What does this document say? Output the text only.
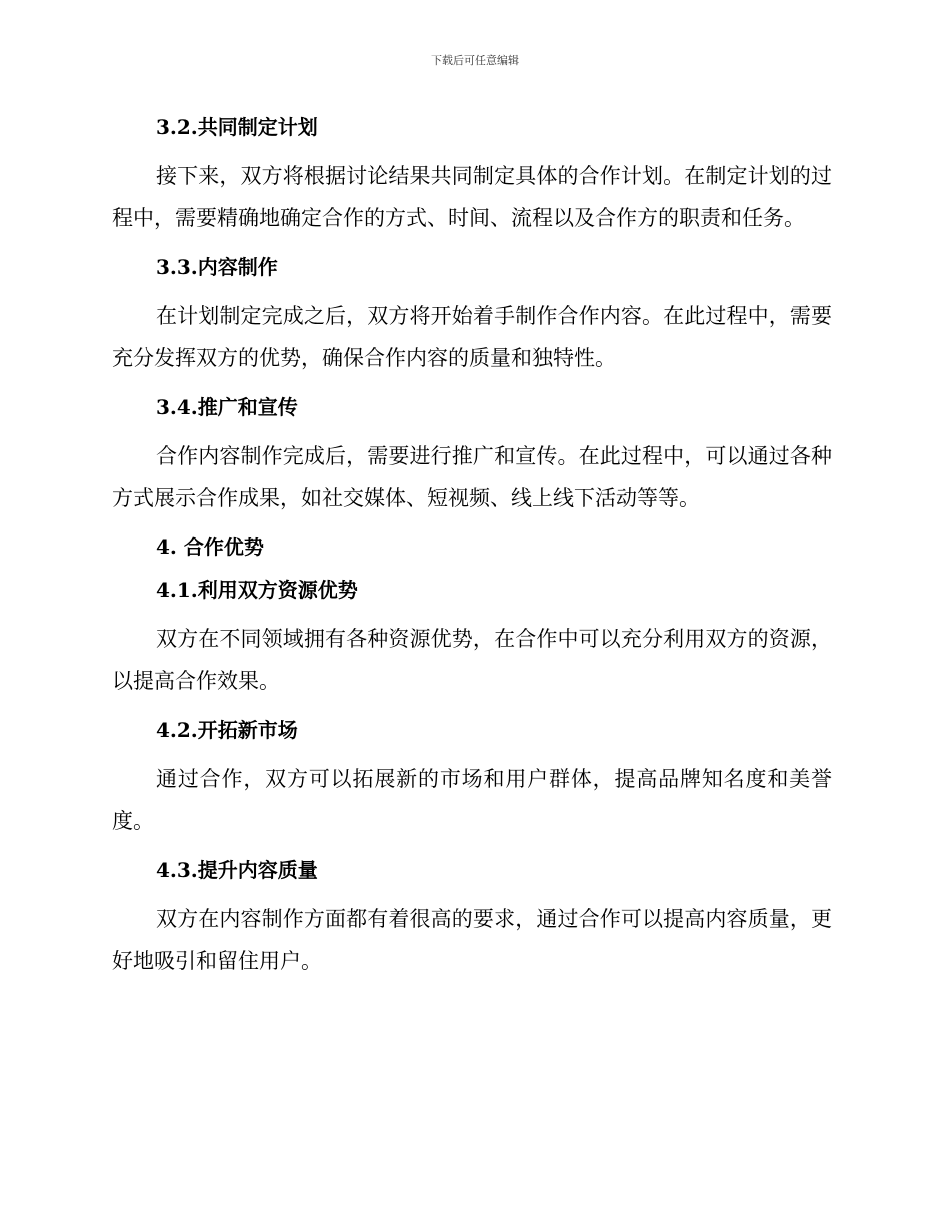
下载后可任意编辑
3.2.共同制定计划

接下来，双方将根据讨论结果共同制定具体的合作计划。在制定计划的过程中，需要精确地确定合作的方式、时间、流程以及合作方的职责和任务。

3.3.内容制作

在计划制定完成之后，双方将开始着手制作合作内容。在此过程中，需要充分发挥双方的优势，确保合作内容的质量和独特性。

3.4.推广和宣传

合作内容制作完成后，需要进行推广和宣传。在此过程中，可以通过各种方式展示合作成果，如社交媒体、短视频、线上线下活动等等。

4. 合作优势
4.1.利用双方资源优势

双方在不同领域拥有各种资源优势，在合作中可以充分利用双方的资源，以提高合作效果。

4.2.开拓新市场

通过合作，双方可以拓展新的市场和用户群体，提高品牌知名度和美誉度。

4.3.提升内容质量

双方在内容制作方面都有着很高的要求，通过合作可以提高内容质量，更好地吸引和留住用户。
